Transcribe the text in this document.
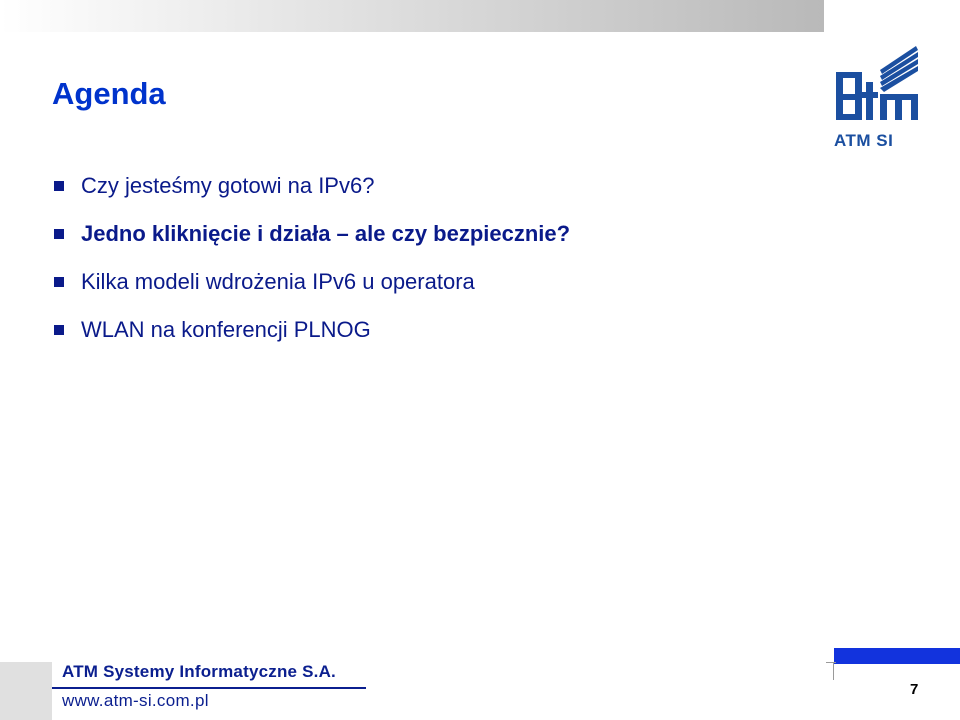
Agenda
ATM SI
Czy jesteśmy gotowi na IPv6?
Jedno kliknięcie i działa – ale czy bezpiecznie?
Kilka modeli wdrożenia IPv6 u operatora
WLAN na konferencji PLNOG
ATM Systemy Informatyczne S.A.
www.atm-si.com.pl
7
